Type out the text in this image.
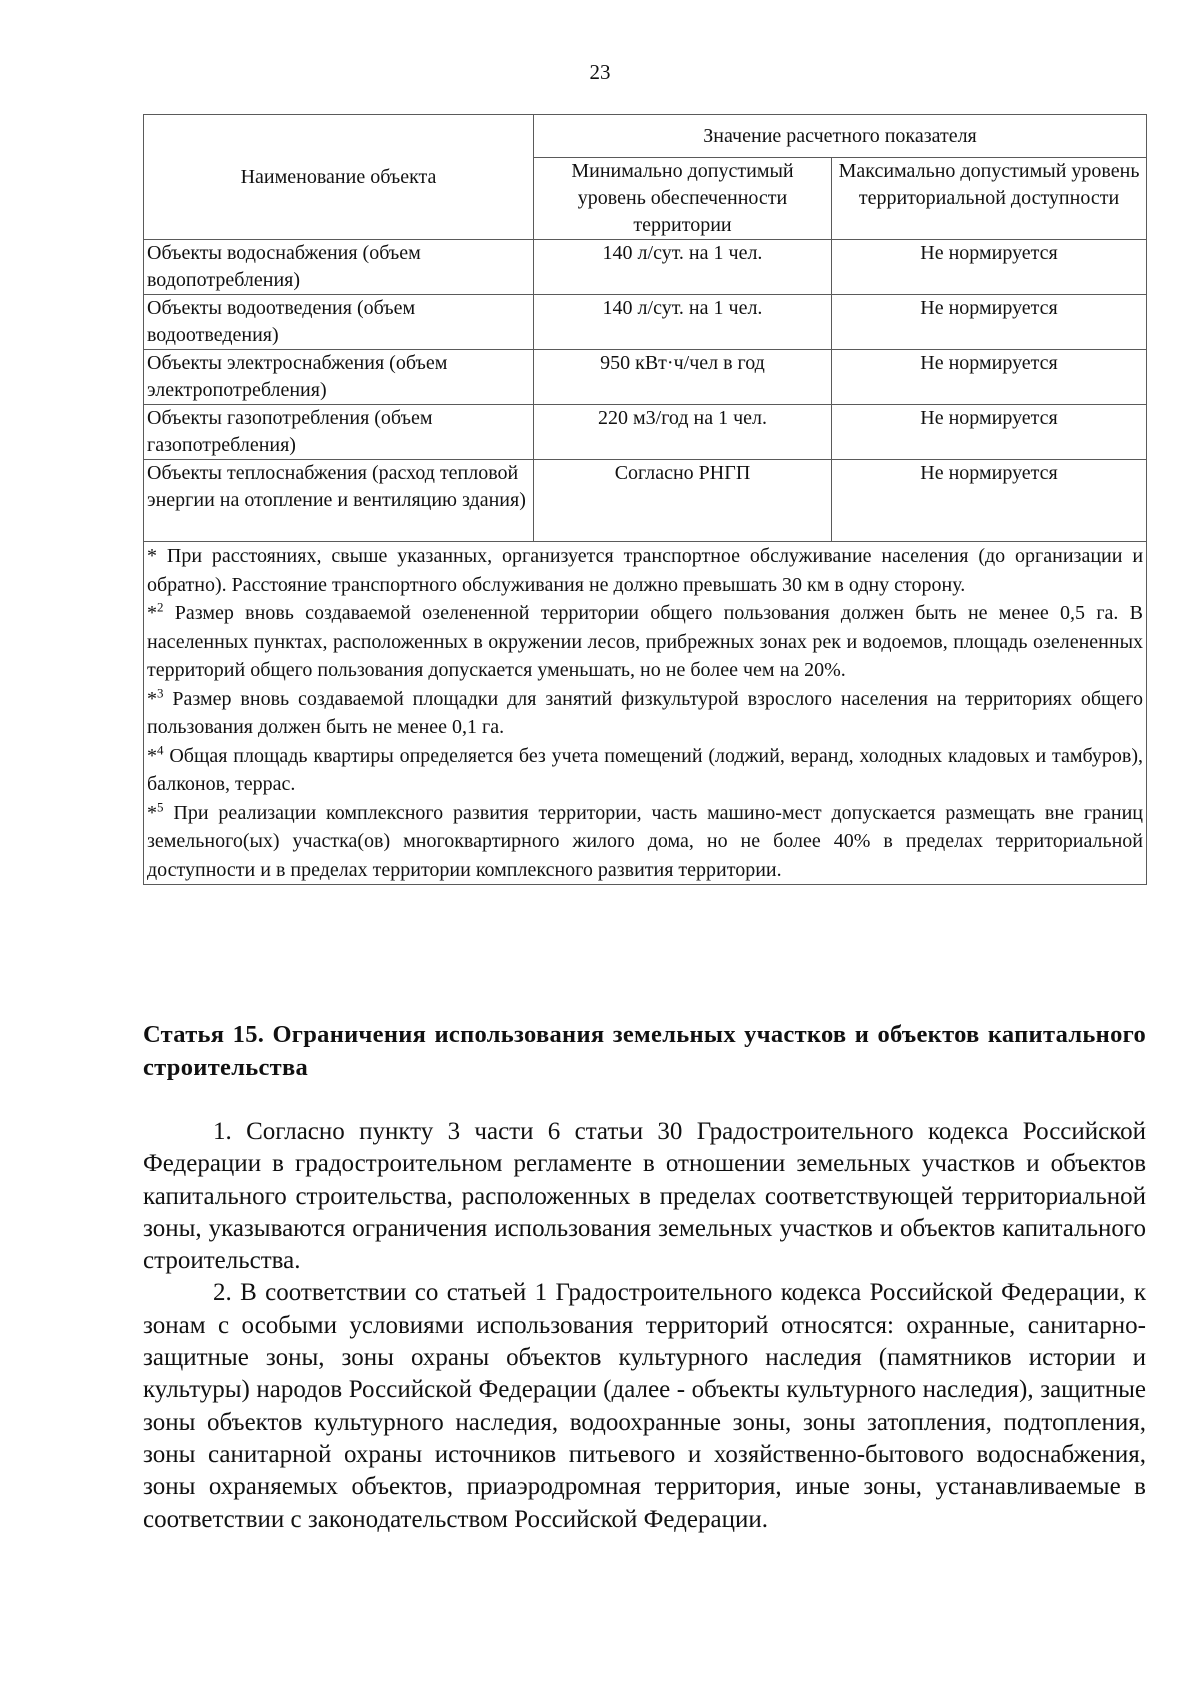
23
Наименование объекта	Значение расчетного показателя	
	Минимально допустимый уровень обеспеченности территории	Максимально допустимый уровень территориальной доступности
Объекты водоснабжения (объем водопотребления)	140 л/сут. на 1 чел.	Не нормируется
Объекты водоотведения (объем водоотведения)	140 л/сут. на 1 чел.	Не нормируется
Объекты электроснабжения (объем электропотребления)	950 кВт·ч/чел в год	Не нормируется
Объекты газопотребления (объем газопотребления)	220 м3/год на 1 чел.	Не нормируется
Объекты теплоснабжения (расход тепловой энергии на отопление и вентиляцию здания)	Согласно РНГП	Не нормируется

* При расстояниях, свыше указанных, организуется транспортное обслуживание населения (до организации и обратно). Расстояние транспортного обслуживания не должно превышать 30 км в одну сторону.

*$^2$ Размер вновь создаваемой озелененной территории общего пользования должен быть не менее 0,5 га. В населенных пунктах, расположенных в окружении лесов, прибрежных зонах рек и водоемов, площадь озелененных территорий общего пользования допускается уменьшать, но не более чем на 20%.

*$^3$ Размер вновь создаваемой площадки для занятий физкультурой взрослого населения на территориях общего пользования должен быть не менее 0,1 га.

*$^4$ Общая площадь квартиры определяется без учета помещений (лоджий, веранд, холодных кладовых и тамбуров), балконов, террас.

*$^5$ При реализации комплексного развития территории, часть машино-мест допускается размещать вне границ земельного(ых) участка(ов) многоквартирного жилого дома, но не более 40% в пределах территориальной доступности и в пределах территории комплексного развития территории.		

Статья 15. Ограничения использования земельных участков и объектов капитального строительства

1. Согласно пункту 3 части 6 статьи 30 Градостроительного кодекса Российской Федерации в градостроительном регламенте в отношении земельных участков и объектов капитального строительства, расположенных в пределах соответствующей территориальной зоны, указываются ограничения использования земельных участков и объектов капитального строительства.

2. В соответствии со статьей 1 Градостроительного кодекса Российской Федерации, к зонам с особыми условиями использования территорий относятся: охранные, санитарно-защитные зоны, зоны охраны объектов культурного наследия (памятников истории и культуры) народов Российской Федерации (далее - объекты культурного наследия), защитные зоны объектов культурного наследия, водоохранные зоны, зоны затопления, подтопления, зоны санитарной охраны источников питьевого и хозяйственно-бытового водоснабжения, зоны охраняемых объектов, приаэродромная территория, иные зоны, устанавливаемые в соответствии с законодательством Российской Федерации.
